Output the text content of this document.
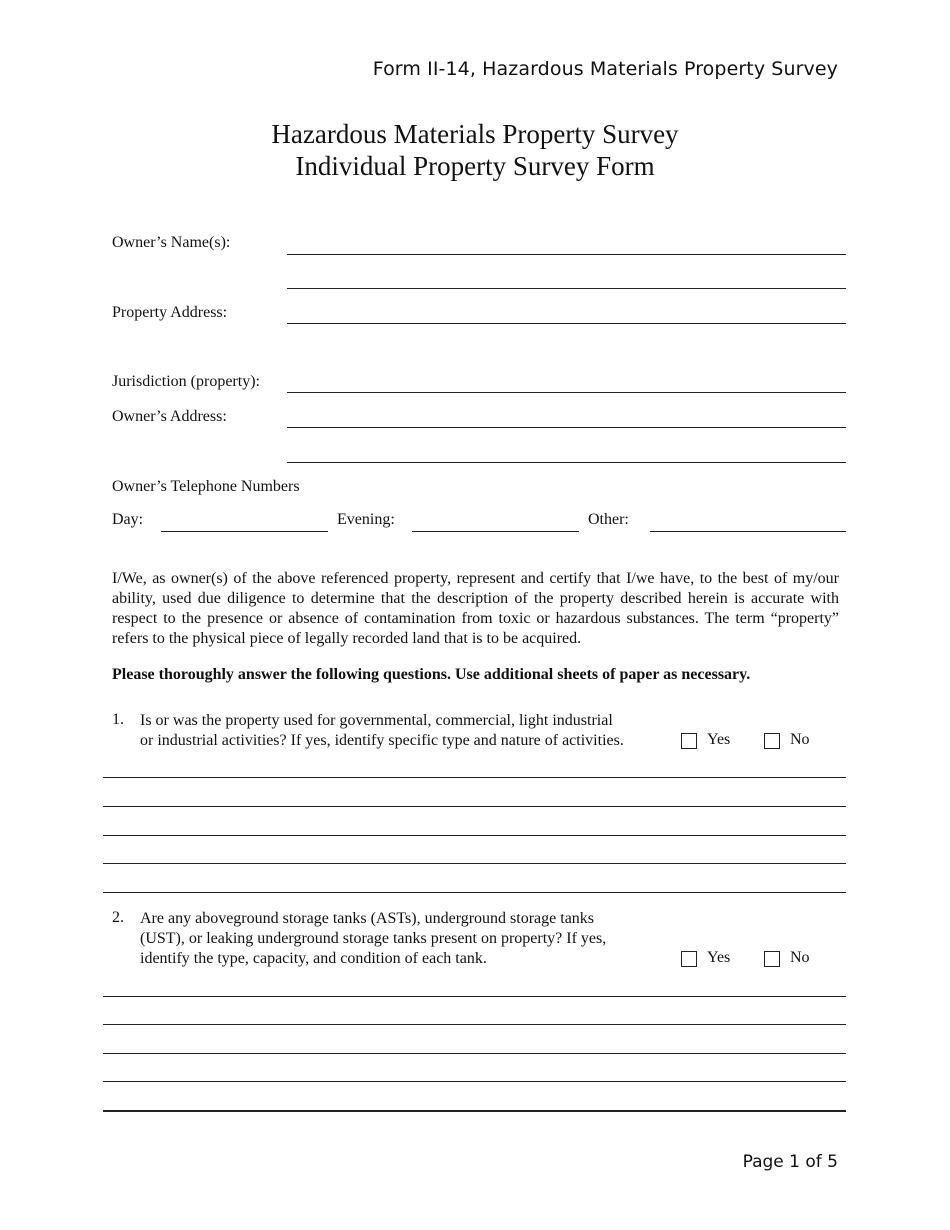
Form II-14, Hazardous Materials Property Survey
Hazardous Materials Property Survey
Individual Property Survey Form
Owner’s Name(s):
Property Address:
Jurisdiction (property):
Owner’s Address:
Owner’s Telephone Numbers
Day:	Evening:	Other:
I/We, as owner(s) of the above referenced property, represent and certify that I/we have, to the best of my/our ability, used due diligence to determine that the description of the property described herein is accurate with respect to the presence or absence of contamination from toxic or hazardous substances. The term “property” refers to the physical piece of legally recorded land that is to be acquired.
Please thoroughly answer the following questions. Use additional sheets of paper as necessary.
1. Is or was the property used for governmental, commercial, light industrial
or industrial activities? If yes, identify specific type and nature of activities.	Yes	No
2. Are any aboveground storage tanks (ASTs), underground storage tanks
(UST), or leaking underground storage tanks present on property? If yes,
identify the type, capacity, and condition of each tank.	Yes	No
Page 1 of 5
